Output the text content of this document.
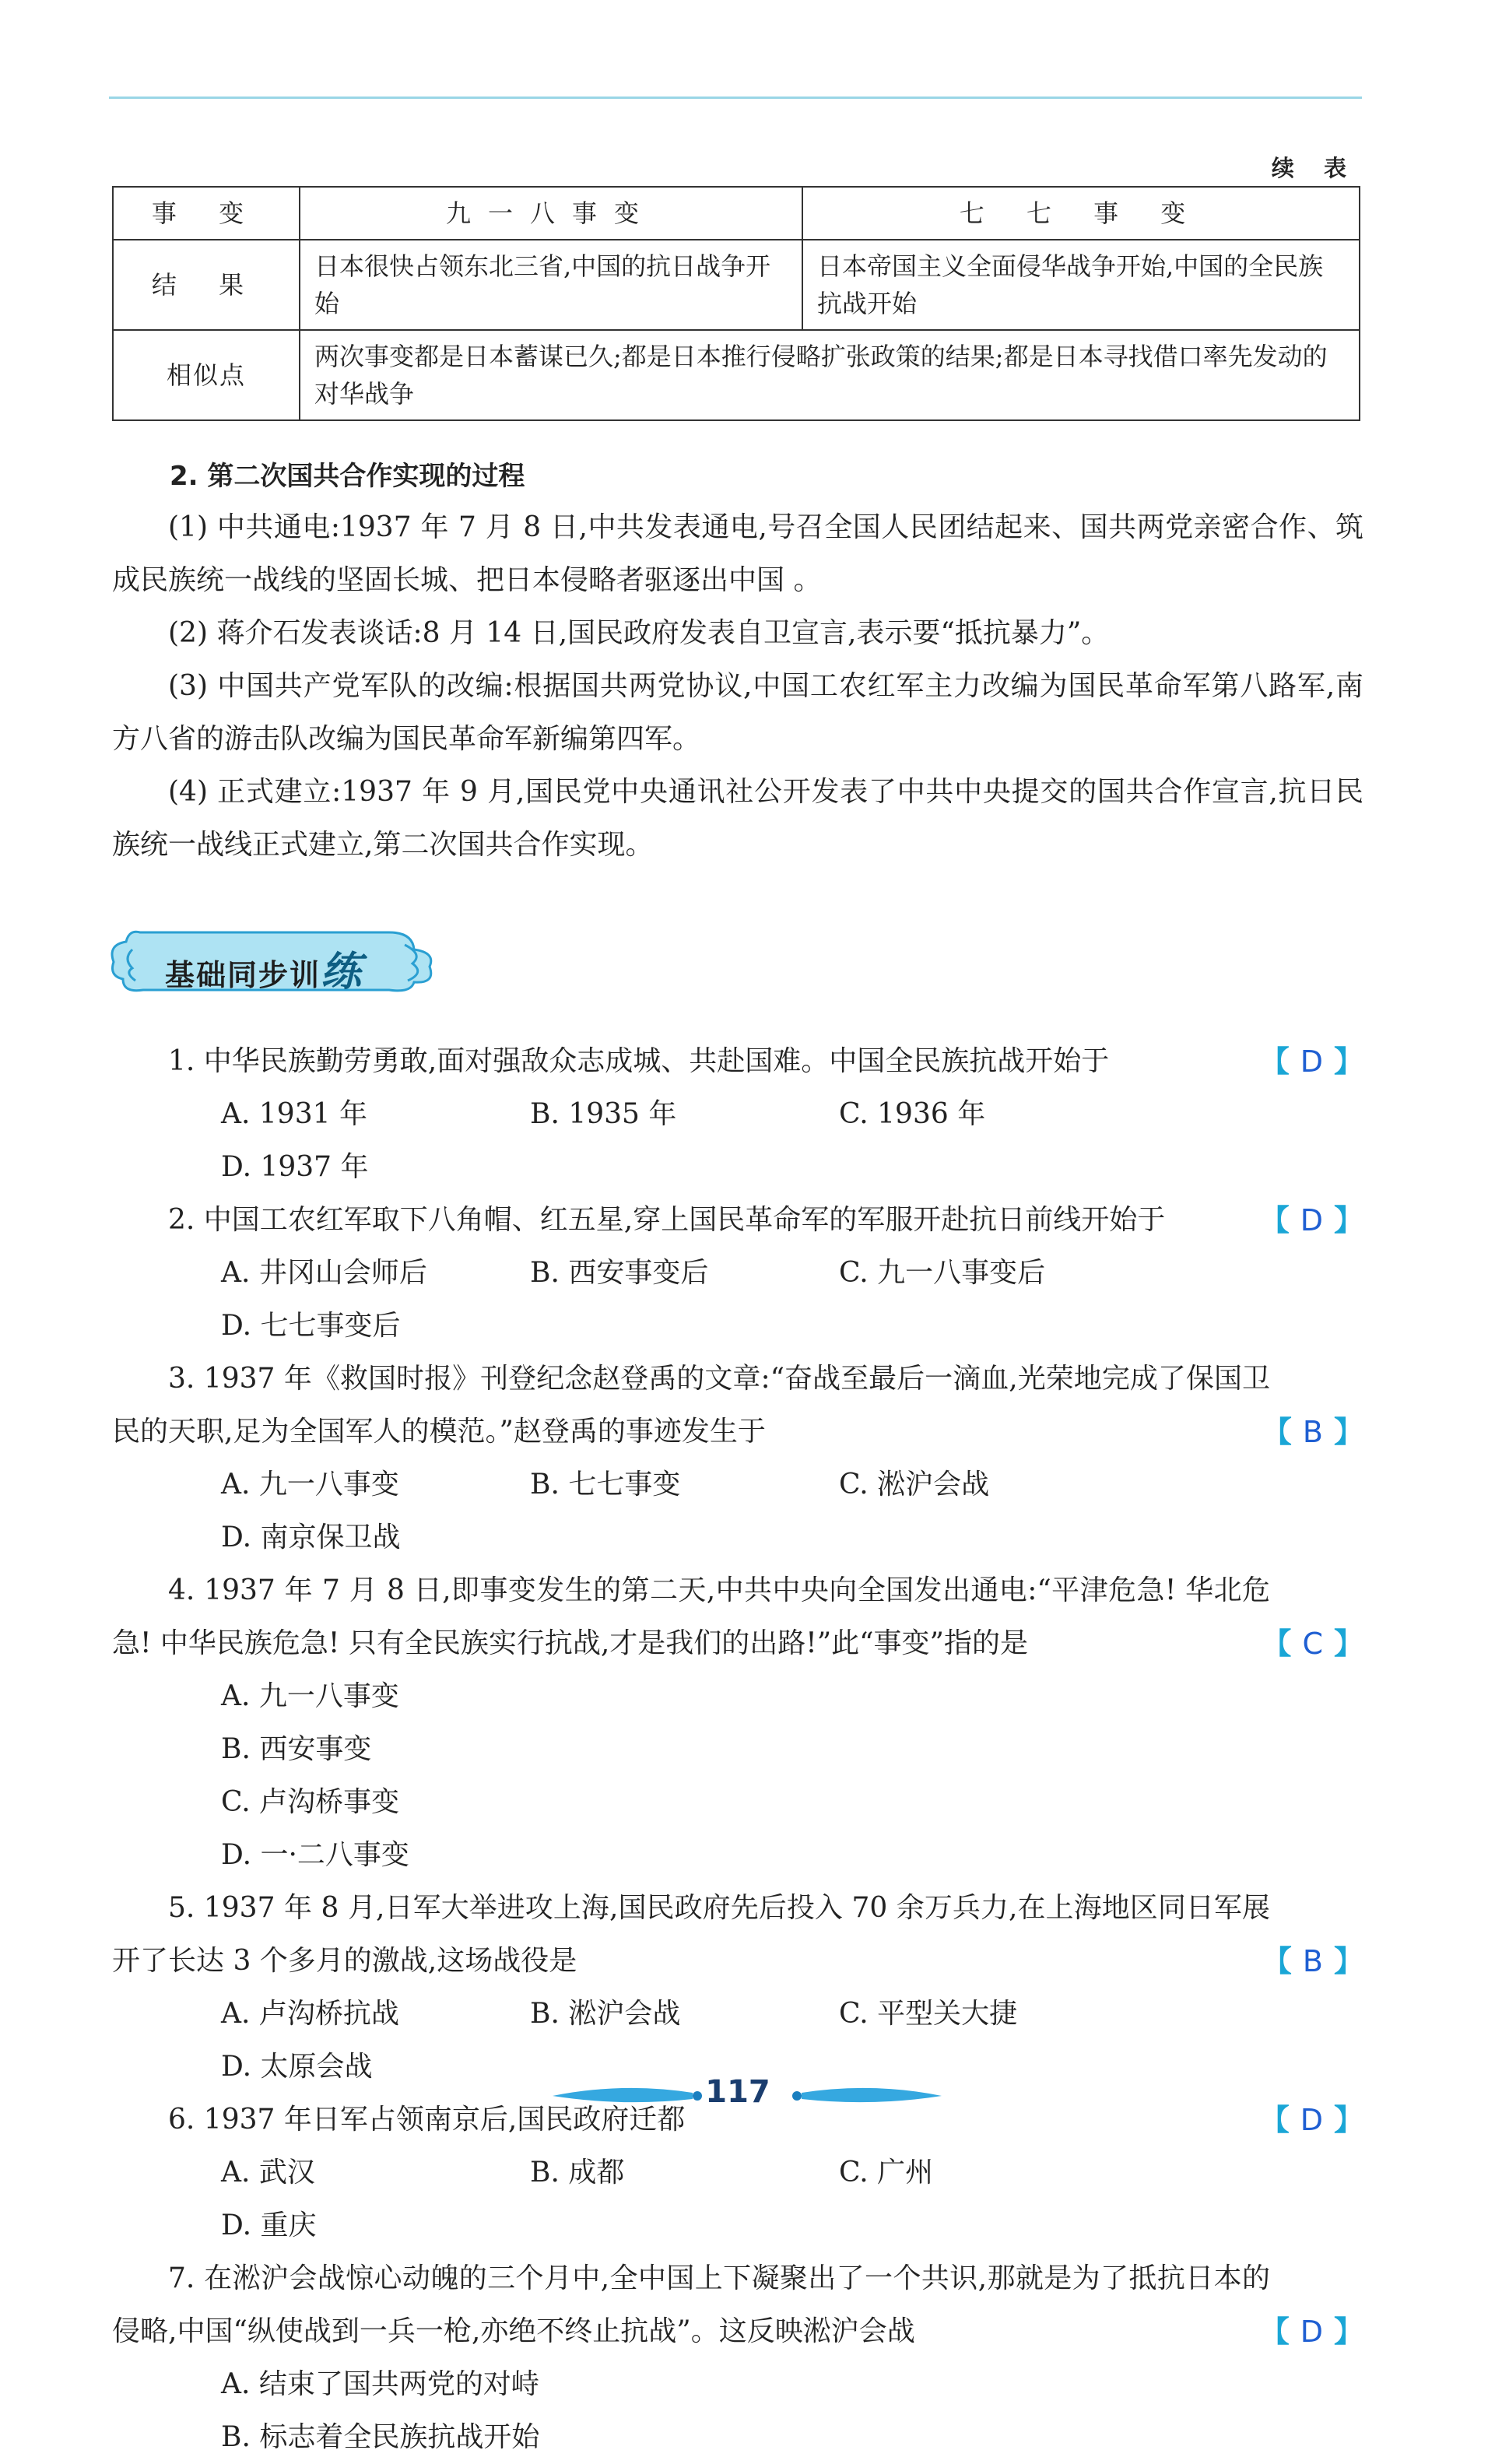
续 表
事 变	九一八事变	七 七 事 变
结 果	日本很快占领东北三省,中国的抗日战争开始	日本帝国主义全面侵华战争开始,中国的全民族抗战开始
相似点	两次事变都是日本蓄谋已久;都是日本推行侵略扩张政策的结果;都是日本寻找借口率先发动的对华战争	
2. 第二次国共合作实现的过程

(1) 中共通电:1937 年 7 月 8 日,中共发表通电,号召全国人民团结起来、国共两党亲密合作、筑成民族统一战线的坚固长城、把日本侵略者驱逐出中国 。

(2) 蒋介石发表谈话:8 月 14 日,国民政府发表自卫宣言,表示要“抵抗暴力”。

(3) 中国共产党军队的改编:根据国共两党协议,中国工农红军主力改编为国民革命军第八路军,南方八省的游击队改编为国民革命军新编第四军。

(4) 正式建立:1937 年 9 月,国民党中央通讯社公开发表了中共中央提交的国共合作宣言,抗日民族统一战线正式建立,第二次国共合作实现。

基础同步训练

1. 中华民族勤劳勇敢,面对强敌众志成城、共赴国难。中国全民族抗战开始于	【 D 】
A. 1931 年	B. 1935 年	C. 1936 年
D. 1937 年

2. 中国工农红军取下八角帽、红五星,穿上国民革命军的军服开赴抗日前线开始于	【 D 】
A. 井冈山会师后	B. 西安事变后	C. 九一八事变后
D. 七七事变后

3. 1937 年《救国时报》刊登纪念赵登禹的文章:“奋战至最后一滴血,光荣地完成了保国卫民的天职,足为全国军人的模范。”赵登禹的事迹发生于	【 B 】
A. 九一八事变	B. 七七事变	C. 淞沪会战
D. 南京保卫战

4. 1937 年 7 月 8 日,即事变发生的第二天,中共中央向全国发出通电:“平津危急! 华北危急! 中华民族危急! 只有全民族实行抗战,才是我们的出路!”此“事变”指的是	【 C 】
A. 九一八事变
B. 西安事变
C. 卢沟桥事变
D. 一·二八事变

5. 1937 年 8 月,日军大举进攻上海,国民政府先后投入 70 余万兵力,在上海地区同日军展开了长达 3 个多月的激战,这场战役是	【 B 】
A. 卢沟桥抗战	B. 淞沪会战	C. 平型关大捷
D. 太原会战

6. 1937 年日军占领南京后,国民政府迁都	【 D 】
A. 武汉	B. 成都	C. 广州
D. 重庆

7. 在淞沪会战惊心动魄的三个月中,全中国上下凝聚出了一个共识,那就是为了抵抗日本的侵略,中国“纵使战到一兵一枪,亦绝不终止抗战”。这反映淞沪会战	【 D 】
A. 结束了国共两党的对峙
B. 标志着全民族抗战开始
117
